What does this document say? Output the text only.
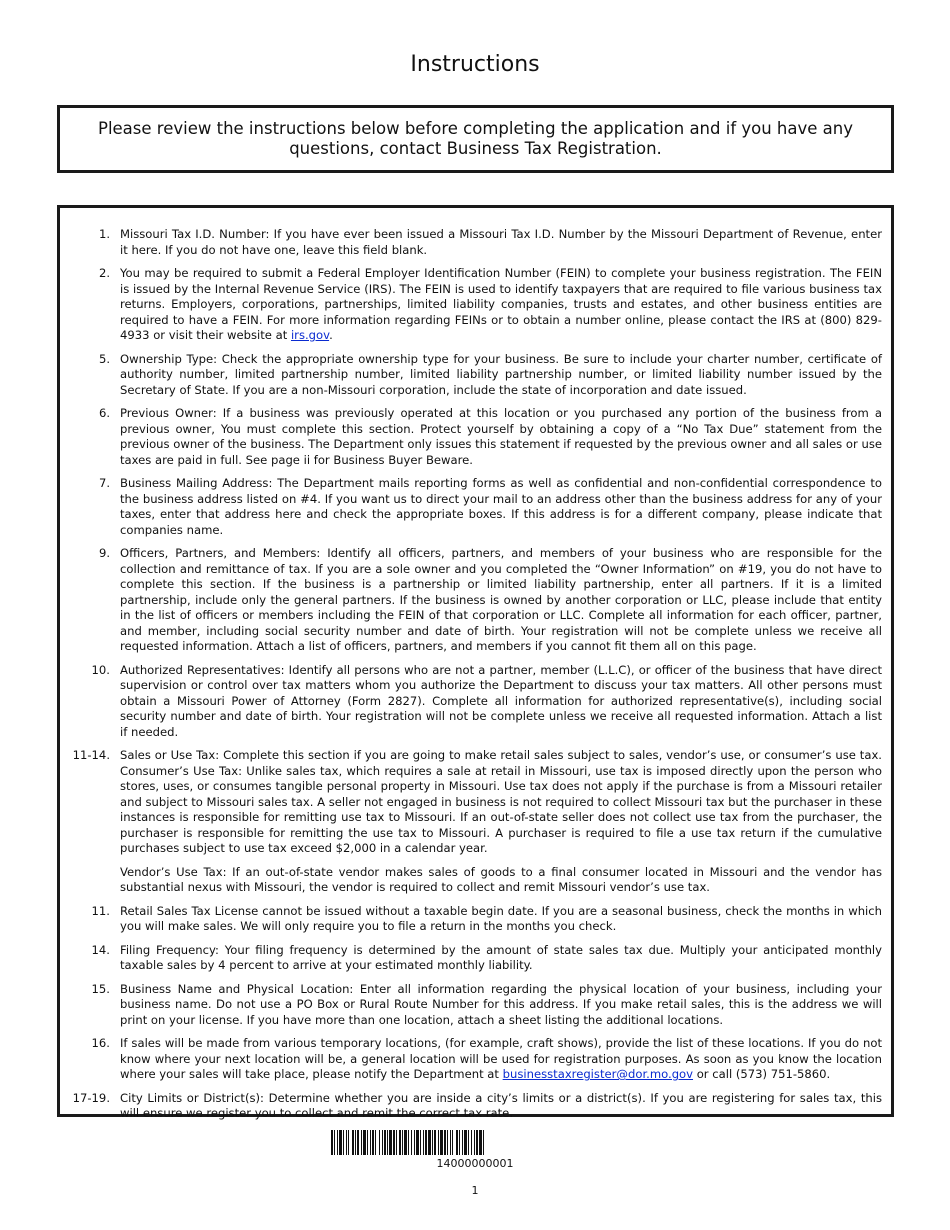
Instructions
Please review the instructions below before completing the application and if you have any questions, contact Business Tax Registration.
1. Missouri Tax I.D. Number: If you have ever been issued a Missouri Tax I.D. Number by the Missouri Department of Revenue, enter it here. If you do not have one, leave this field blank.
2. You may be required to submit a Federal Employer Identification Number (FEIN) to complete your business registration. The FEIN is issued by the Internal Revenue Service (IRS). The FEIN is used to identify taxpayers that are required to file various business tax returns. Employers, corporations, partnerships, limited liability companies, trusts and estates, and other business entities are required to have a FEIN. For more information regarding FEINs or to obtain a number online, please contact the IRS at (800) 829-4933 or visit their website at irs.gov.
5. Ownership Type: Check the appropriate ownership type for your business. Be sure to include your charter number, certificate of authority number, limited partnership number, limited liability partnership number, or limited liability number issued by the Secretary of State. If you are a non-Missouri corporation, include the state of incorporation and date issued.
6. Previous Owner: If a business was previously operated at this location or you purchased any portion of the business from a previous owner, You must complete this section. Protect yourself by obtaining a copy of a “No Tax Due” statement from the previous owner of the business. The Department only issues this statement if requested by the previous owner and all sales or use taxes are paid in full. See page ii for Business Buyer Beware.
7. Business Mailing Address: The Department mails reporting forms as well as confidential and non-confidential correspondence to the business address listed on #4. If you want us to direct your mail to an address other than the business address for any of your taxes, enter that address here and check the appropriate boxes. If this address is for a different company, please indicate that companies name.
9. Officers, Partners, and Members: Identify all officers, partners, and members of your business who are responsible for the collection and remittance of tax. If you are a sole owner and you completed the “Owner Information” on #19, you do not have to complete this section. If the business is a partnership or limited liability partnership, enter all partners. If it is a limited partnership, include only the general partners. If the business is owned by another corporation or LLC, please include that entity in the list of officers or members including the FEIN of that corporation or LLC. Complete all information for each officer, partner, and member, including social security number and date of birth. Your registration will not be complete unless we receive all requested information. Attach a list of officers, partners, and members if you cannot fit them all on this page.
10. Authorized Representatives: Identify all persons who are not a partner, member (L.L.C), or officer of the business that have direct supervision or control over tax matters whom you authorize the Department to discuss your tax matters. All other persons must obtain a Missouri Power of Attorney (Form 2827). Complete all information for authorized representative(s), including social security number and date of birth. Your registration will not be complete unless we receive all requested information. Attach a list if needed.
11-14. Sales or Use Tax: Complete this section if you are going to make retail sales subject to sales, vendor’s use, or consumer’s use tax. Consumer’s Use Tax: Unlike sales tax, which requires a sale at retail in Missouri, use tax is imposed directly upon the person who stores, uses, or consumes tangible personal property in Missouri. Use tax does not apply if the purchase is from a Missouri retailer and subject to Missouri sales tax. A seller not engaged in business is not required to collect Missouri tax but the purchaser in these instances is responsible for remitting use tax to Missouri. If an out-of-state seller does not collect use tax from the purchaser, the purchaser is responsible for remitting the use tax to Missouri. A purchaser is required to file a use tax return if the cumulative purchases subject to use tax exceed $2,000 in a calendar year.
Vendor’s Use Tax: If an out-of-state vendor makes sales of goods to a final consumer located in Missouri and the vendor has substantial nexus with Missouri, the vendor is required to collect and remit Missouri vendor’s use tax.
11. Retail Sales Tax License cannot be issued without a taxable begin date. If you are a seasonal business, check the months in which you will make sales. We will only require you to file a return in the months you check.
14. Filing Frequency: Your filing frequency is determined by the amount of state sales tax due. Multiply your anticipated monthly taxable sales by 4 percent to arrive at your estimated monthly liability.
15. Business Name and Physical Location: Enter all information regarding the physical location of your business, including your business name. Do not use a PO Box or Rural Route Number for this address. If you make retail sales, this is the address we will print on your license. If you have more than one location, attach a sheet listing the additional locations.
16. If sales will be made from various temporary locations, (for example, craft shows), provide the list of these locations. If you do not know where your next location will be, a general location will be used for registration purposes. As soon as you know the location where your sales will take place, please notify the Department at businesstaxregister@dor.mo.gov or call (573) 751-5860.
17-19. City Limits or District(s): Determine whether you are inside a city’s limits or a district(s). If you are registering for sales tax, this will ensure we register you to collect and remit the correct tax rate.
14000000001
1
